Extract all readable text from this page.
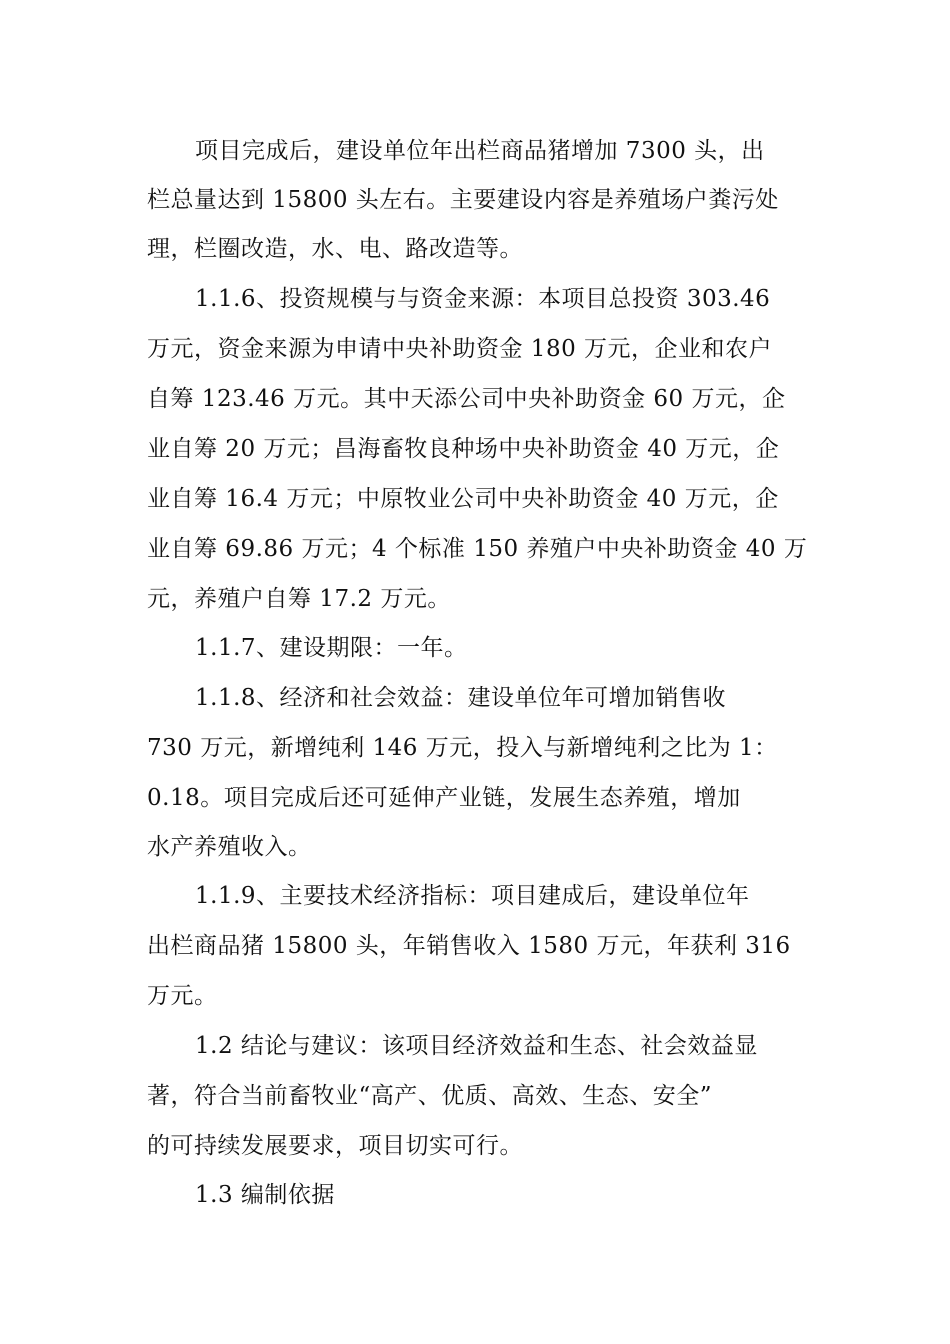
项目完成后，建设单位年出栏商品猪增加 7300 头，出
栏总量达到 15800 头左右。主要建设内容是养殖场户粪污处
理，栏圈改造，水、电、路改造等。
1.1.6、投资规模与与资金来源：本项目总投资 303.46
万元，资金来源为申请中央补助资金 180 万元，企业和农户
自筹 123.46 万元。其中天添公司中央补助资金 60 万元，企
业自筹 20 万元；昌海畜牧良种场中央补助资金 40 万元，企
业自筹 16.4 万元；中原牧业公司中央补助资金 40 万元，企
业自筹 69.86 万元；4 个标准 150 养殖户中央补助资金 40 万
元，养殖户自筹 17.2 万元。
1.1.7、建设期限：一年。
1.1.8、经济和社会效益：建设单位年可增加销售收
730 万元，新增纯利 146 万元，投入与新增纯利之比为 1：
0.18。项目完成后还可延伸产业链，发展生态养殖，增加
水产养殖收入。
1.1.9、主要技术经济指标：项目建成后，建设单位年
出栏商品猪 15800 头，年销售收入 1580 万元，年获利 316
万元。
1.2 结论与建议：该项目经济效益和生态、社会效益显
著，符合当前畜牧业“高产、优质、高效、生态、安全”
的可持续发展要求，项目切实可行。
1.3 编制依据
